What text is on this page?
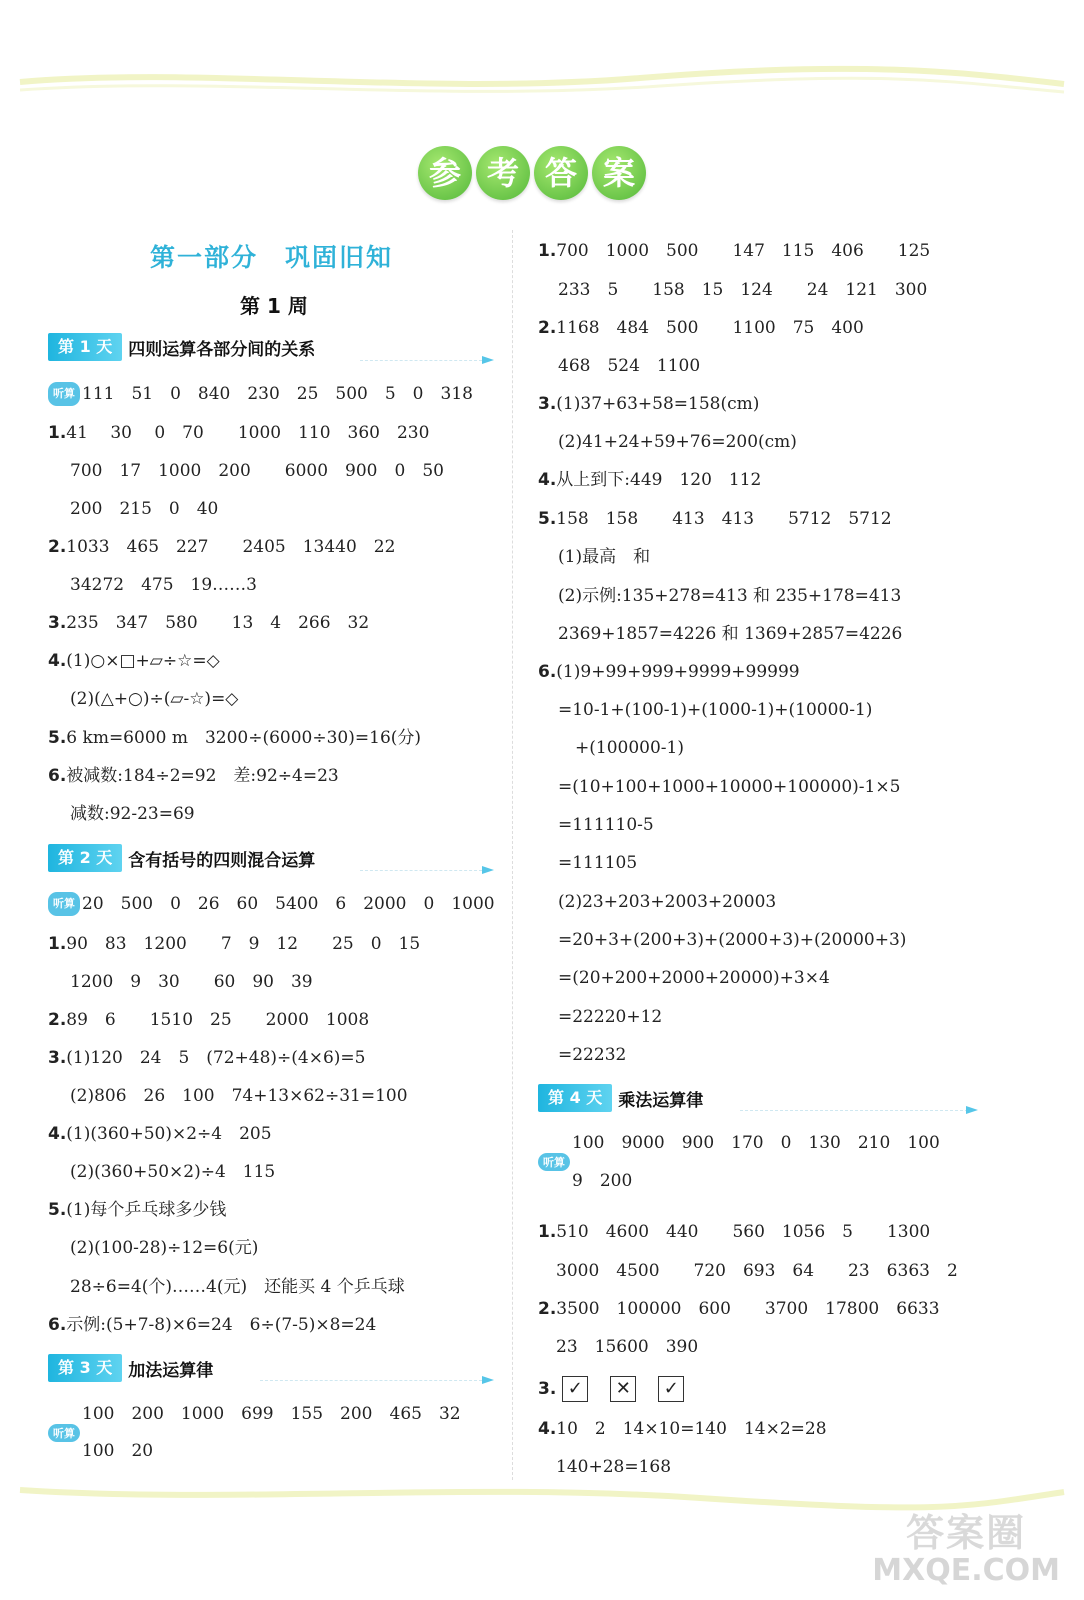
参 考 答 案
第一部分　巩固旧知
第 1 周
第 1 天 四则运算各部分间的关系
听算 111　51　0　840　230　25　500　5　0　318
1.41　 30　 0　70　　1000　110　360　230
700　17　1000　200　　6000　900　0　50
200　215　0　40
2.1033　465　227　　2405　13440　22
34272　475　19……3
3.235　347　580　　13　4　266　32
4.(1)○×□+▱÷☆=◇
(2)(△+○)÷(▱-☆)=◇
5.6 km=6000 m　3200÷(6000÷30)=16(分)
6.被减数:184÷2=92　差:92÷4=23
减数:92-23=69
第 2 天 含有括号的四则混合运算
听算 20　500　0　26　60　5400　6　2000　0　1000
1.90　83　1200　　7　9　12　　25　0　15
1200　9　30　　60　90　39
2.89　6　　1510　25　　2000　1008
3.(1)120　24　5　(72+48)÷(4×6)=5
(2)806　26　100　74+13×62÷31=100
4.(1)(360+50)×2÷4　205
(2)(360+50×2)÷4　115
5.(1)每个乒乓球多少钱
(2)(100-28)÷12=6(元)
28÷6=4(个)……4(元)　还能买 4 个乒乓球
6.示例:(5+7-8)×6=24　6÷(7-5)×8=24
第 3 天 加法运算律
听算
100　200　1000　699　155　200　465　32
100　20
1.700　1000　500　　147　115　406　　125
233　5　　158　15　124　　24　121　300
2.1168　484　500　　1100　75　400
468　524　1100
3.(1)37+63+58=158(cm)
(2)41+24+59+76=200(cm)
4.从上到下:449　120　112
5.158　158　　413　413　　5712　5712
(1)最高　和
(2)示例:135+278=413 和 235+178=413
2369+1857=4226 和 1369+2857=4226
6.(1)9+99+999+9999+99999
=10-1+(100-1)+(1000-1)+(10000-1)
　+(100000-1)
=(10+100+1000+10000+100000)-1×5
=111110-5
=111105
(2)23+203+2003+20003
=20+3+(200+3)+(2000+3)+(20000+3)
=(20+200+2000+20000)+3×4
=22220+12
=22232
第 4 天 乘法运算律
听算
100　9000　900　170　0　130　210　100
9　200
1.510　4600　440　　560　1056　5　　1300
3000　4500　　720　693　64　　23　6363　2
2.3500　100000　600　　3700　17800　6633
23　15600　390
3. ✓ ✕ ✓
4.10　2　14×10=140　14×2=28
140+28=168
答案圈
MXQE.COM
